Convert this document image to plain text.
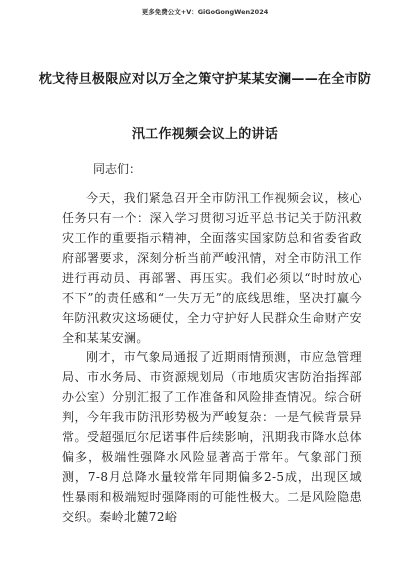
更多免费公文+V：GiGoGongWen2024
枕戈待旦极限应对以万全之策守护某某安澜——在全市防
汛工作视频会议上的讲话
同志们：

今天，我们紧急召开全市防汛工作视频会议，核心任务只有一个：深入学习贯彻习近平总书记关于防汛救灾工作的重要指示精神，全面落实国家防总和省委省政府部署要求，深刻分析当前严峻汛情，对全市防汛工作进行再动员、再部署、再压实。我们必须以“时时放心不下”的责任感和“一失万无”的底线思维，坚决打赢今年防汛救灾这场硬仗，全力守护好人民群众生命财产安全和某某安澜。

刚才，市气象局通报了近期雨情预测，市应急管理局、市水务局、市资源规划局（市地质灾害防治指挥部办公室）分别汇报了工作准备和风险排查情况。综合研判，今年我市防汛形势极为严峻复杂：一是气候背景异常。受超强厄尔尼诺事件后续影响，汛期我市降水总体偏多，极端性强降水风险显著高于常年。气象部门预测，7-8月总降水量较常年同期偏多2-5成，出现区域性暴雨和极端短时强降雨的可能性极大。二是风险隐患交织。秦岭北麓72峪
